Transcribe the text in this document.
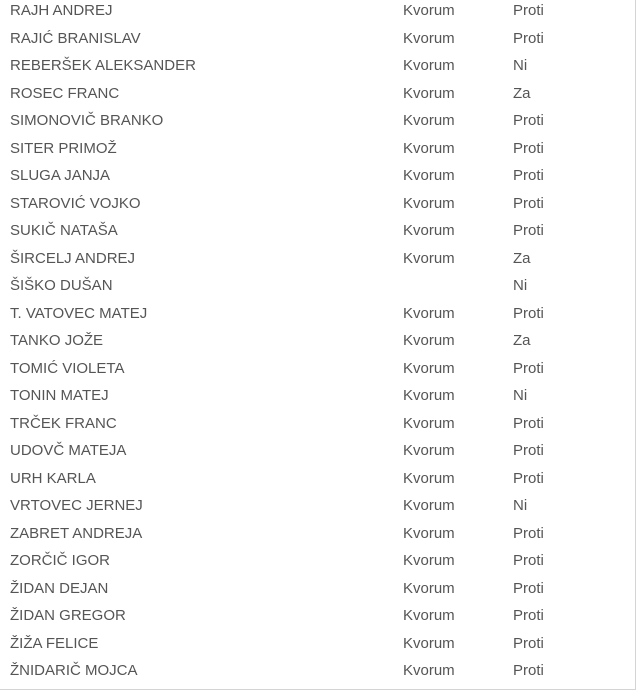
RAJH ANDREJ	Kvorum	Proti
RAJIĆ BRANISLAV	Kvorum	Proti
REBERŠEK ALEKSANDER	Kvorum	Ni
ROSEC FRANC	Kvorum	Za
SIMONOVIČ BRANKO	Kvorum	Proti
SITER PRIMOŽ	Kvorum	Proti
SLUGA JANJA	Kvorum	Proti
STAROVIĆ VOJKO	Kvorum	Proti
SUKIČ NATAŠA	Kvorum	Proti
ŠIRCELJ ANDREJ	Kvorum	Za
ŠIŠKO DUŠAN		Ni
T. VATOVEC MATEJ	Kvorum	Proti
TANKO JOŽE	Kvorum	Za
TOMIĆ VIOLETA	Kvorum	Proti
TONIN MATEJ	Kvorum	Ni
TRČEK FRANC	Kvorum	Proti
UDOVČ MATEJA	Kvorum	Proti
URH KARLA	Kvorum	Proti
VRTOVEC JERNEJ	Kvorum	Ni
ZABRET ANDREJA	Kvorum	Proti
ZORČIČ IGOR	Kvorum	Proti
ŽIDAN DEJAN	Kvorum	Proti
ŽIDAN GREGOR	Kvorum	Proti
ŽIŽA FELICE	Kvorum	Proti
ŽNIDARIČ MOJCA	Kvorum	Proti
